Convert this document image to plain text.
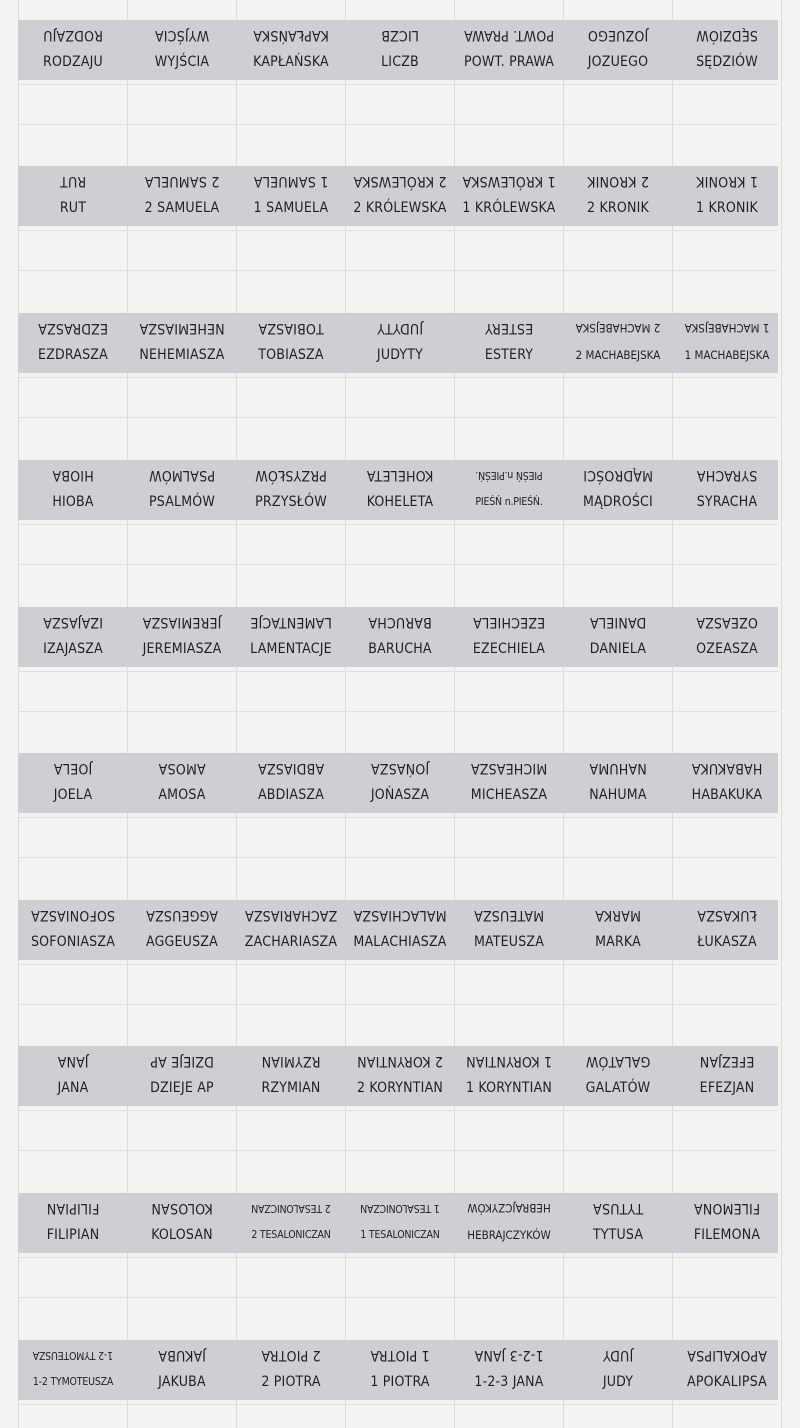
RODZAJU
RODZAJU
WYJŚCIA
WYJŚCIA
KAPŁAŃSKA
KAPŁAŃSKA
LICZB
LICZB
POWT. PRAWA
POWT. PRAWA
JOZUEGO
JOZUEGO
SĘDZIÓW
SĘDZIÓW
RUT
RUT
2 SAMUELA
2 SAMUELA
1 SAMUELA
1 SAMUELA
2 KRÓLEWSKA
2 KRÓLEWSKA
1 KRÓLEWSKA
1 KRÓLEWSKA
2 KRONIK
2 KRONIK
1 KRONIK
1 KRONIK
EZDRASZA
EZDRASZA
NEHEMIASZA
NEHEMIASZA
TOBIASZA
TOBIASZA
JUDYTY
JUDYTY
ESTERY
ESTERY
2 MACHABEJSKA
2 MACHABEJSKA
1 MACHABEJSKA
1 MACHABEJSKA
HIOBA
HIOBA
PSALMÓW
PSALMÓW
PRZYSŁÓW
PRZYSŁÓW
KOHELETA
KOHELETA
PIEŚŃ n.PIEŚŃ.
PIEŚŃ n.PIEŚŃ.
MĄDROŚCI
MĄDROŚCI
SYRACHA
SYRACHA
IZAJASZA
IZAJASZA
JEREMIASZA
JEREMIASZA
LAMENTACJE
LAMENTACJE
BARUCHA
BARUCHA
EZECHIELA
EZECHIELA
DANIELA
DANIELA
OZEASZA
OZEASZA
JOELA
JOELA
AMOSA
AMOSA
ABDIASZA
ABDIASZA
JOŃASZA
JOŃASZA
MICHEASZA
MICHEASZA
NAHUMA
NAHUMA
HABAKUKA
HABAKUKA
SOFONIASZA
SOFONIASZA
AGGEUSZA
AGGEUSZA
ZACHARIASZA
ZACHARIASZA
MALACHIASZA
MALACHIASZA
MATEUSZA
MATEUSZA
MARKA
MARKA
ŁUKASZA
ŁUKASZA
JANA
JANA
DZIEJE AP
DZIEJE AP
RZYMIAN
RZYMIAN
2 KORYNTIAN
2 KORYNTIAN
1 KORYNTIAN
1 KORYNTIAN
GALATÓW
GALATÓW
EFEZJAN
EFEZJAN
FILIPIAN
FILIPIAN
KOLOSAN
KOLOSAN
2 TESALONICZAN
2 TESALONICZAN
1 TESALONICZAN
1 TESALONICZAN
HEBRAJCZYKÓW
HEBRAJCZYKÓW
TYTUSA
TYTUSA
FILEMONA
FILEMONA
1-2 TYMOTEUSZA
1-2 TYMOTEUSZA
JAKUBA
JAKUBA
2 PIOTRA
2 PIOTRA
1 PIOTRA
1 PIOTRA
1-2-3 JANA
1-2-3 JANA
JUDY
JUDY
APOKALIPSA
APOKALIPSA
